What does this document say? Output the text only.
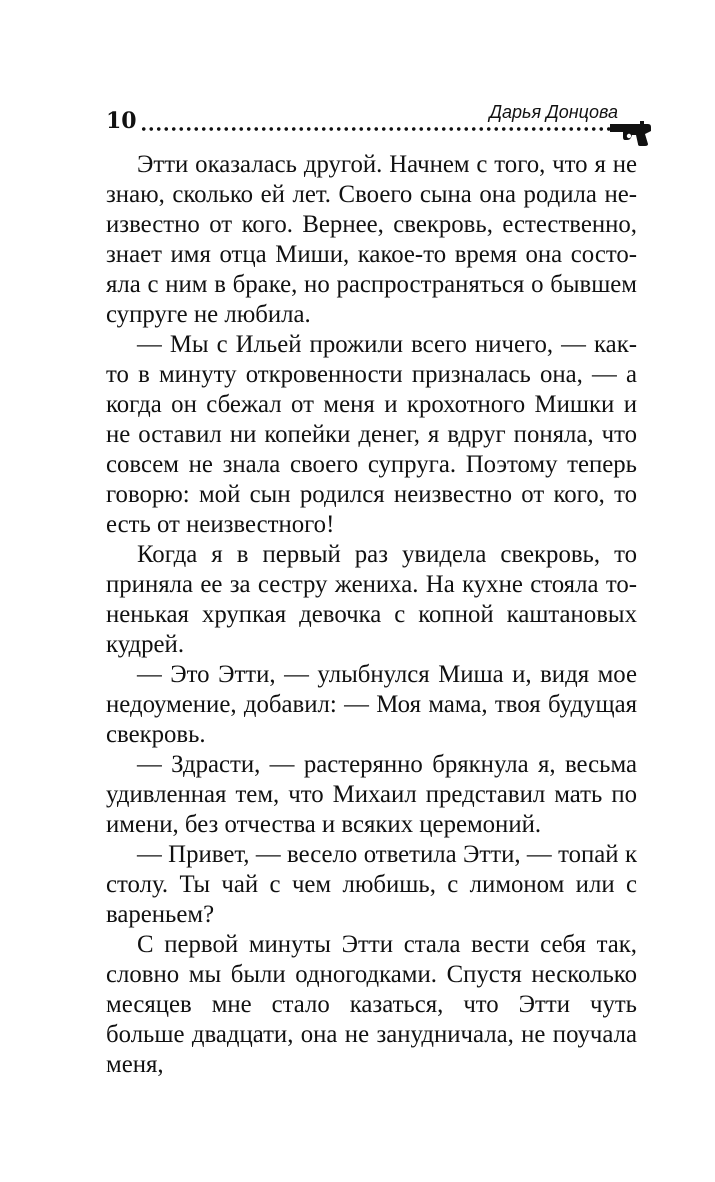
10	Дарья Донцова

Этти оказалась другой. Начнем с того, что я не знаю, сколько ей лет. Своего сына она родила неизвестно от кого. Вернее, свекровь, естественно, знает имя отца Миши, какое-то время она состояла с ним в браке, но распространяться о бывшем супруге не любила.

— Мы с Ильей прожили всего ничего, — как-то в минуту откровенности призналась она, — а когда он сбежал от меня и крохотного Мишки и не оставил ни копейки денег, я вдруг поняла, что совсем не знала своего супруга. Поэтому теперь говорю: мой сын родился неизвестно от кого, то есть от неизвестного!

Когда я в первый раз увидела свекровь, то приняла ее за сестру жениха. На кухне стояла тоненькая хрупкая девочка с копной каштановых кудрей.

— Это Этти, — улыбнулся Миша и, видя мое недоумение, добавил: — Моя мама, твоя будущая свекровь.

— Здрасти, — растерянно брякнула я, весьма удивленная тем, что Михаил представил мать по имени, без отчества и всяких церемоний.

— Привет, — весело ответила Этти, — топай к столу. Ты чай с чем любишь, с лимоном или с вареньем?

С первой минуты Этти стала вести себя так, словно мы были одногодками. Спустя несколько месяцев мне стало казаться, что Этти чуть больше двадцати, она не занудничала, не поучала меня,
